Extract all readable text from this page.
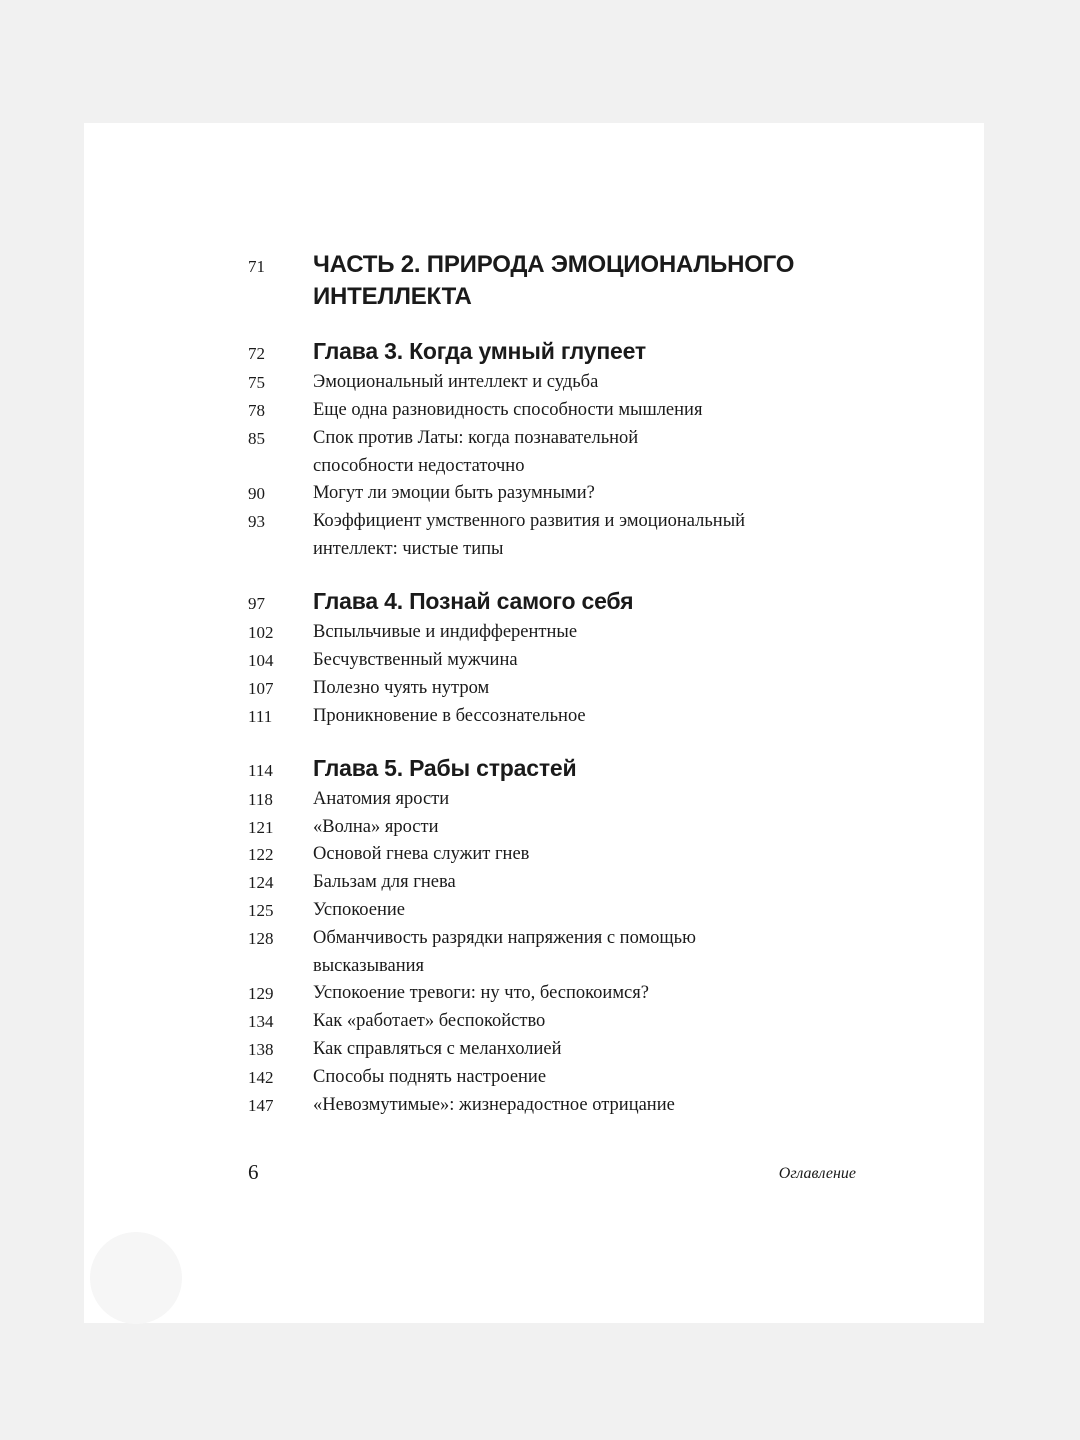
71 ЧАСТЬ 2. ПРИРОДА ЭМОЦИОНАЛЬНОГО ИНТЕЛЛЕКТА
72 Глава 3. Когда умный глупеет
75	Эмоциональный интеллект и судьба
78	Еще одна разновидность способности мышления
85	Спок против Латы: когда познавательной способности недостаточно
90	Могут ли эмоции быть разумными?
93	Коэффициент умственного развития и эмоциональный интеллект: чистые типы
97 Глава 4. Познай самого себя
102 Вспыльчивые и индифферентные
104 Бесчувственный мужчина
107 Полезно чуять нутром
111 Проникновение в бессознательное
114 Глава 5. Рабы страстей
118 Анатомия ярости
121 «Волна» ярости
122 Основой гнева служит гнев
124 Бальзам для гнева
125 Успокоение
128 Обманчивость разрядки напряжения с помощью высказывания
129 Успокоение тревоги: ну что, беспокоимся?
134 Как «работает» беспокойство
138 Как справляться с меланхолией
142 Способы поднять настроение
147 «Невозмутимые»: жизнерадостное отрицание
6	Оглавление
